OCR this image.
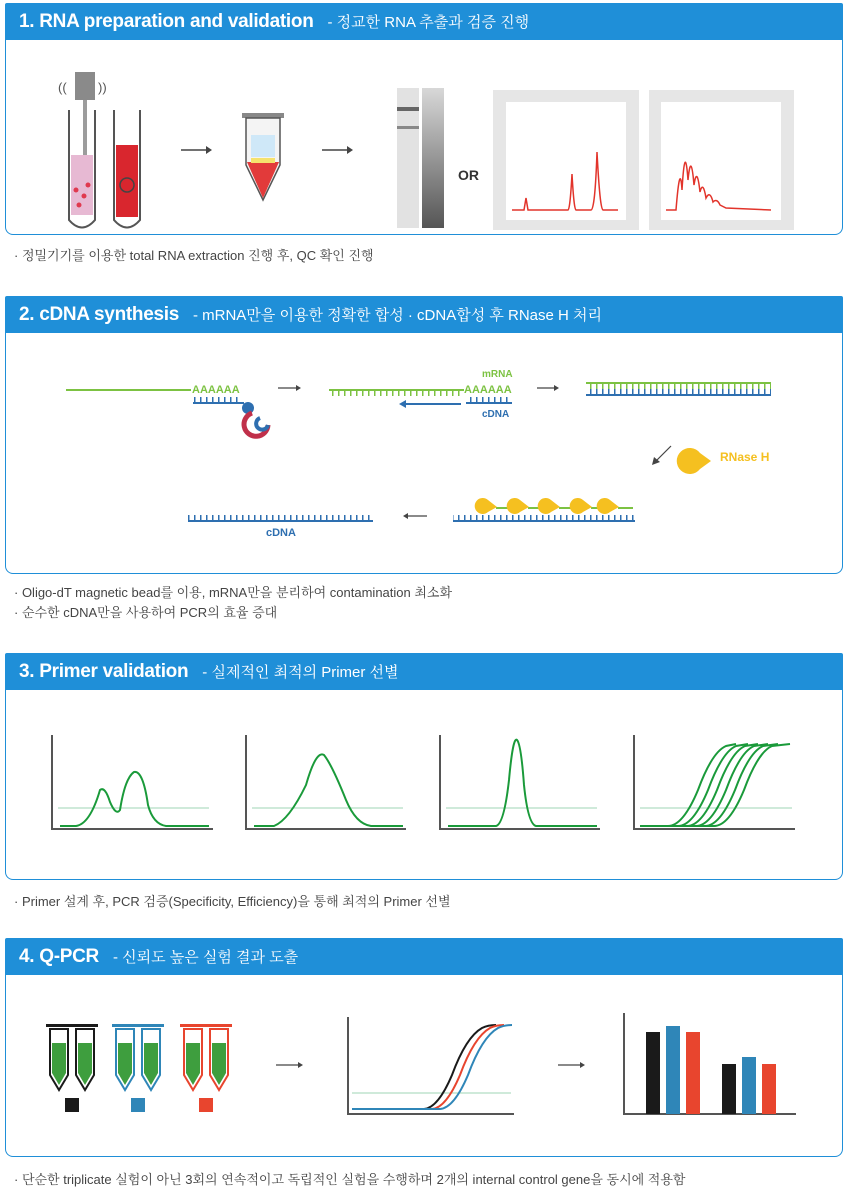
1. RNA preparation and validation - 정교한 RNA 추출과 검증 진행
(( ))
OR
· 정밀기기를 이용한 total RNA extraction 진행 후, QC 확인 진행
2. cDNA synthesis - mRNA만을 이용한 정확한 합성 · cDNA합성 후 RNase H 처리
AAAAAA
mRNA
AAAAAA
cDNA
RNase H
cDNA
· Oligo-dT magnetic bead를 이용, mRNA만을 분리하여 contamination 최소화
· 순수한 cDNA만을 사용하여 PCR의 효율 증대
3. Primer validation - 실제적인 최적의 Primer 선별
· Primer 설계 후, PCR 검증(Specificity, Efficiency)을 통해 최적의 Primer 선별
4. Q-PCR - 신뢰도 높은 실험 결과 도출
· 단순한 triplicate 실험이 아닌 3회의 연속적이고 독립적인 실험을 수행하며 2개의 internal control gene을 동시에 적용함
